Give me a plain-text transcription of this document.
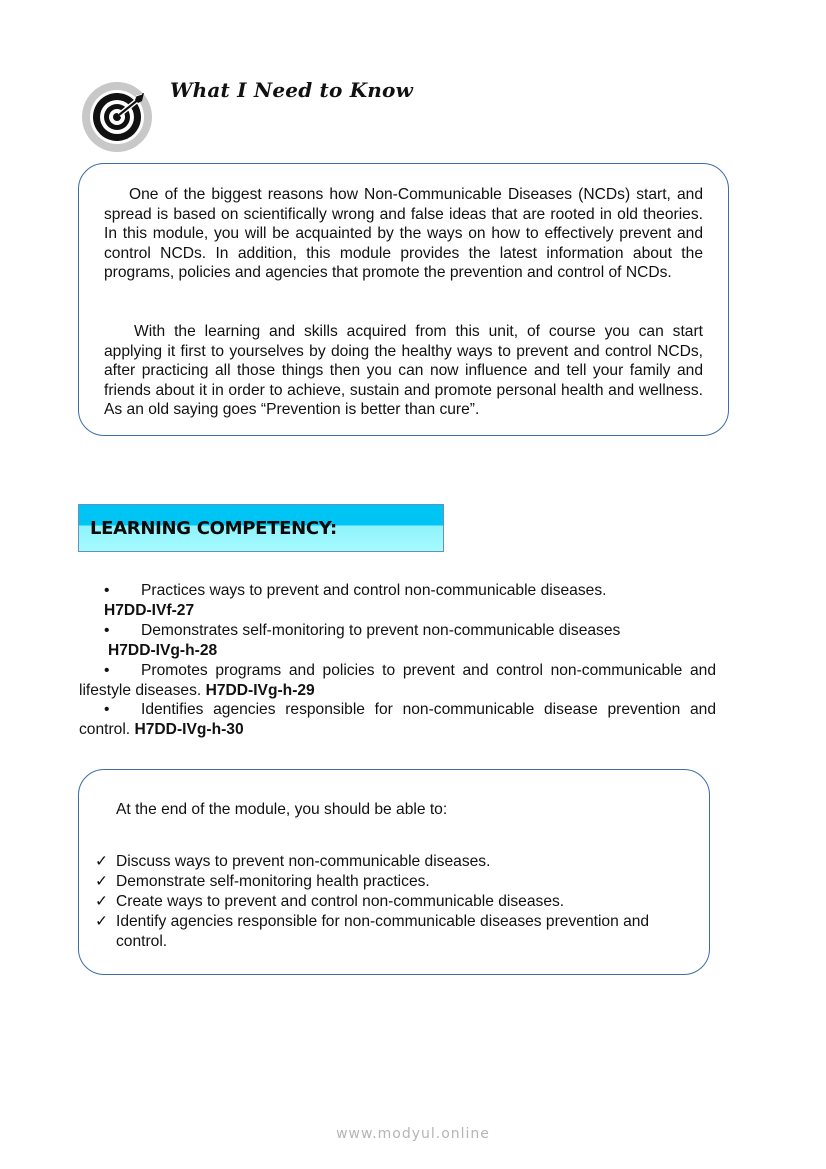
What I Need to Know
One of the biggest reasons how Non-Communicable Diseases (NCDs) start, and spread is based on scientifically wrong and false ideas that are rooted in old theories. In this module, you will be acquainted by the ways on how to effectively prevent and control NCDs. In addition, this module provides the latest information about the programs, policies and agencies that promote the prevention and control of NCDs.
With the learning and skills acquired from this unit, of course you can start applying it first to yourselves by doing the healthy ways to prevent and control NCDs, after practicing all those things then you can now influence and tell your family and friends about it in order to achieve, sustain and promote personal health and wellness. As an old saying goes “Prevention is better than cure”.
LEARNING COMPETENCY:
• Practices ways to prevent and control non-communicable diseases.
H7DD-IVf-27
• Demonstrates self-monitoring to prevent non-communicable diseases
H7DD-IVg-h-28
• Promotes programs and policies to prevent and control non-communicable and lifestyle diseases. H7DD-IVg-h-29
• Identifies agencies responsible for non-communicable disease prevention and control. H7DD-IVg-h-30
At the end of the module, you should be able to:
✓ Discuss ways to prevent non-communicable diseases.
✓ Demonstrate self-monitoring health practices.
✓ Create ways to prevent and control non-communicable diseases.
✓ Identify agencies responsible for non-communicable diseases prevention and control.
www.modyul.online
